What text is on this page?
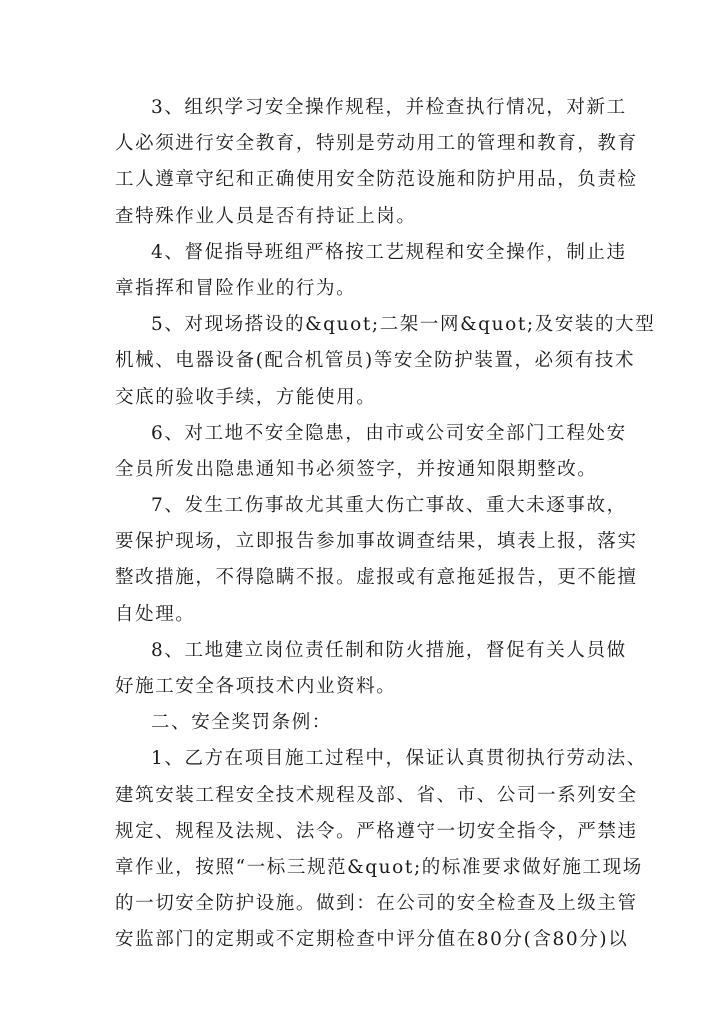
3、组织学习安全操作规程，并检查执行情况，对新工
人必须进行安全教育，特别是劳动用工的管理和教育，教育
工人遵章守纪和正确使用安全防范设施和防护用品，负责检
查特殊作业人员是否有持证上岗。
4、督促指导班组严格按工艺规程和安全操作，制止违
章指挥和冒险作业的行为。
5、对现场搭设的&quot;二架一网&quot;及安装的大型
机械、电器设备(配合机管员)等安全防护装置，必须有技术
交底的验收手续，方能使用。
6、对工地不安全隐患，由市或公司安全部门工程处安
全员所发出隐患通知书必须签字，并按通知限期整改。
7、发生工伤事故尤其重大伤亡事故、重大未逐事故，
要保护现场，立即报告参加事故调查结果，填表上报，落实
整改措施，不得隐瞒不报。虚报或有意拖延报告，更不能擅
自处理。
8、工地建立岗位责任制和防火措施，督促有关人员做
好施工安全各项技术内业资料。
二、安全奖罚条例：
1、乙方在项目施工过程中，保证认真贯彻执行劳动法、
建筑安装工程安全技术规程及部、省、市、公司一系列安全
规定、规程及法规、法令。严格遵守一切安全指令，严禁违
章作业，按照“一标三规范&quot;的标准要求做好施工现场
的一切安全防护设施。做到：在公司的安全检查及上级主管
安监部门的定期或不定期检查中评分值在80分(含80分)以
